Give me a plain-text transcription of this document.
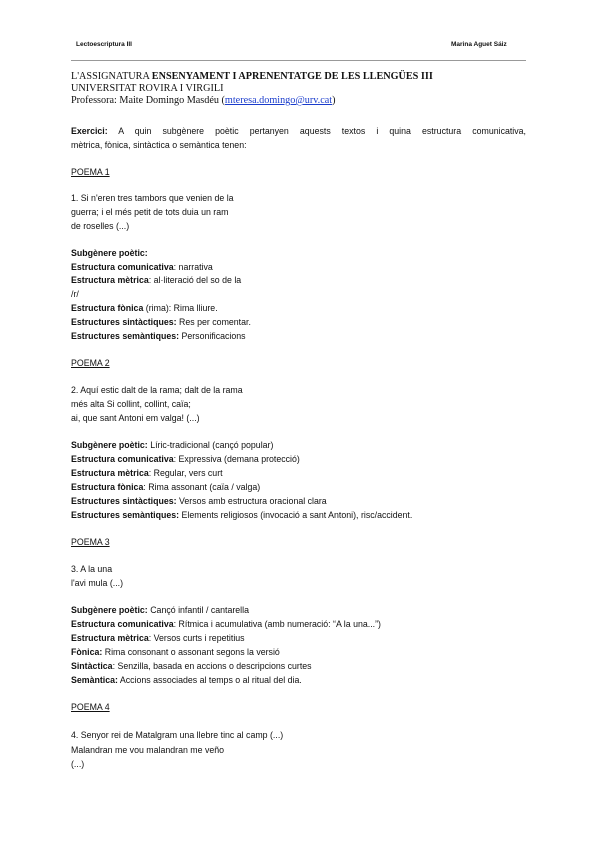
Lectoescriptura III	Marina Aguet Sáiz
L'ASSIGNATURA ENSENYAMENT I APRENENTATGE DE LES LLENGÜES III
UNIVERSITAT ROVIRA I VIRGILI
Professora: Maite Domingo Masdéu (mteresa.domingo@urv.cat)
Exercici: A quin subgènere poètic pertanyen aquests textos i quina estructura comunicativa,
mètrica, fònica, sintàctica o semàntica tenen:
POEMA 1
1. Si n'eren tres tambors que venien de la
guerra; i el més petit de tots duia un ram
de roselles (...)
Subgènere poètic:
Estructura comunicativa: narrativa
Estructura mètrica: al·literació del so de la
/r/
Estructura fònica (rima): Rima lliure.
Estructures sintàctiques: Res per comentar.
Estructures semàntiques: Personificacions
POEMA 2
2. Aquí estic dalt de la rama; dalt de la rama
més alta Si collint, collint, caïa;
ai, que sant Antoni em valga! (...)
Subgènere poètic: Líric-tradicional (cançó popular)
Estructura comunicativa: Expressiva (demana protecció)
Estructura mètrica: Regular, vers curt
Estructura fònica: Rima assonant (caïa / valga)
Estructures sintàctiques: Versos amb estructura oracional clara
Estructures semàntiques: Elements religiosos (invocació a sant Antoni), risc/accident.
POEMA 3
3. A la una
l'avi mula (...)
Subgènere poètic: Cançó infantil / cantarella
Estructura comunicativa: Rítmica i acumulativa (amb numeració: “A la una...”)
Estructura mètrica: Versos curts i repetitius
Fònica: Rima consonant o assonant segons la versió
Sintàctica: Senzilla, basada en accions o descripcions curtes
Semàntica: Accions associades al temps o al ritual del dia.
POEMA 4
4. Senyor rei de Matalgram una llebre tinc al camp (...)
Malandran me vou malandran me veño
(...)
